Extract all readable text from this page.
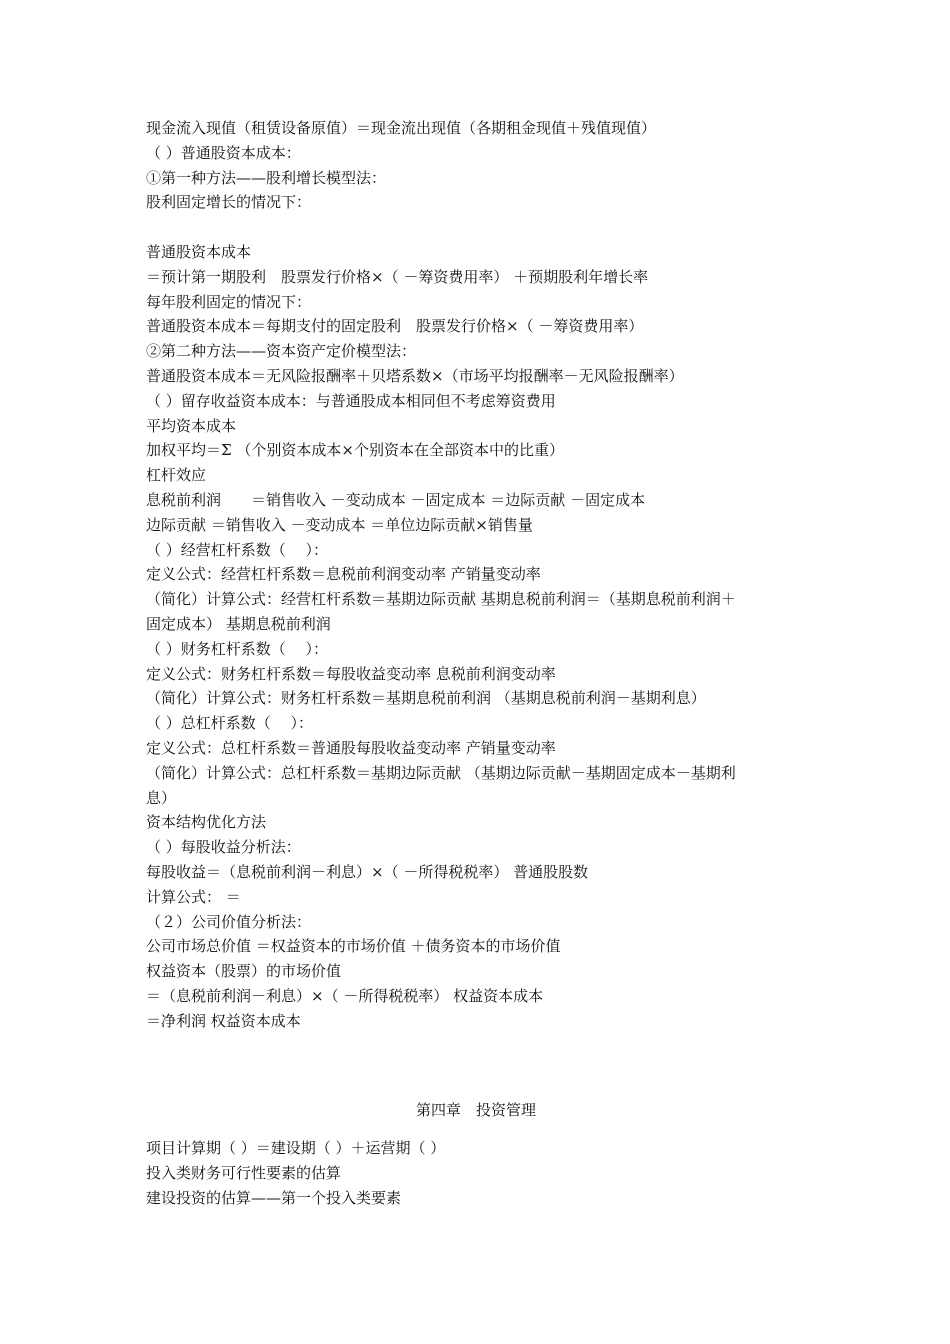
现金流入现值（租赁设备原值）＝现金流出现值（各期租金现值＋残值现值）
（ ）普通股资本成本：
①第一种方法——股利增长模型法：
股利固定增长的情况下：
普通股资本成本
＝预计第一期股利　股票发行价格×（ －筹资费用率） ＋预期股利年增长率
每年股利固定的情况下：
普通股资本成本＝每期支付的固定股利　股票发行价格×（ －筹资费用率）
②第二种方法——资本资产定价模型法：
普通股资本成本＝无风险报酬率＋贝塔系数×（市场平均报酬率－无风险报酬率）
（ ）留存收益资本成本：与普通股成本相同但不考虑筹资费用
平均资本成本
加权平均＝Σ （个别资本成本×个别资本在全部资本中的比重）
杠杆效应
息税前利润　　＝销售收入 －变动成本 －固定成本 ＝边际贡献 －固定成本
边际贡献 ＝销售收入 －变动成本 ＝单位边际贡献×销售量
（ ）经营杠杆系数（　 ）：
定义公式：经营杠杆系数＝息税前利润变动率 产销量变动率
（简化）计算公式：经营杠杆系数＝基期边际贡献 基期息税前利润＝（基期息税前利润＋
固定成本） 基期息税前利润
（ ）财务杠杆系数（　 ）：
定义公式：财务杠杆系数＝每股收益变动率 息税前利润变动率
（简化）计算公式：财务杠杆系数＝基期息税前利润 （基期息税前利润－基期利息）
（ ）总杠杆系数（　 ）：
定义公式：总杠杆系数＝普通股每股收益变动率 产销量变动率
（简化）计算公式：总杠杆系数＝基期边际贡献 （基期边际贡献－基期固定成本－基期利
息）
资本结构优化方法
（ ）每股收益分析法：
每股收益＝（息税前利润－利息）×（ －所得税税率） 普通股股数
计算公式： ＝
（２）公司价值分析法：
公司市场总价值 ＝权益资本的市场价值 ＋债务资本的市场价值
权益资本（股票）的市场价值
＝（息税前利润－利息）×（ －所得税税率） 权益资本成本
＝净利润 权益资本成本
第四章　投资管理
项目计算期（ ）＝建设期（ ）＋运营期（ ）
投入类财务可行性要素的估算
建设投资的估算——第一个投入类要素
